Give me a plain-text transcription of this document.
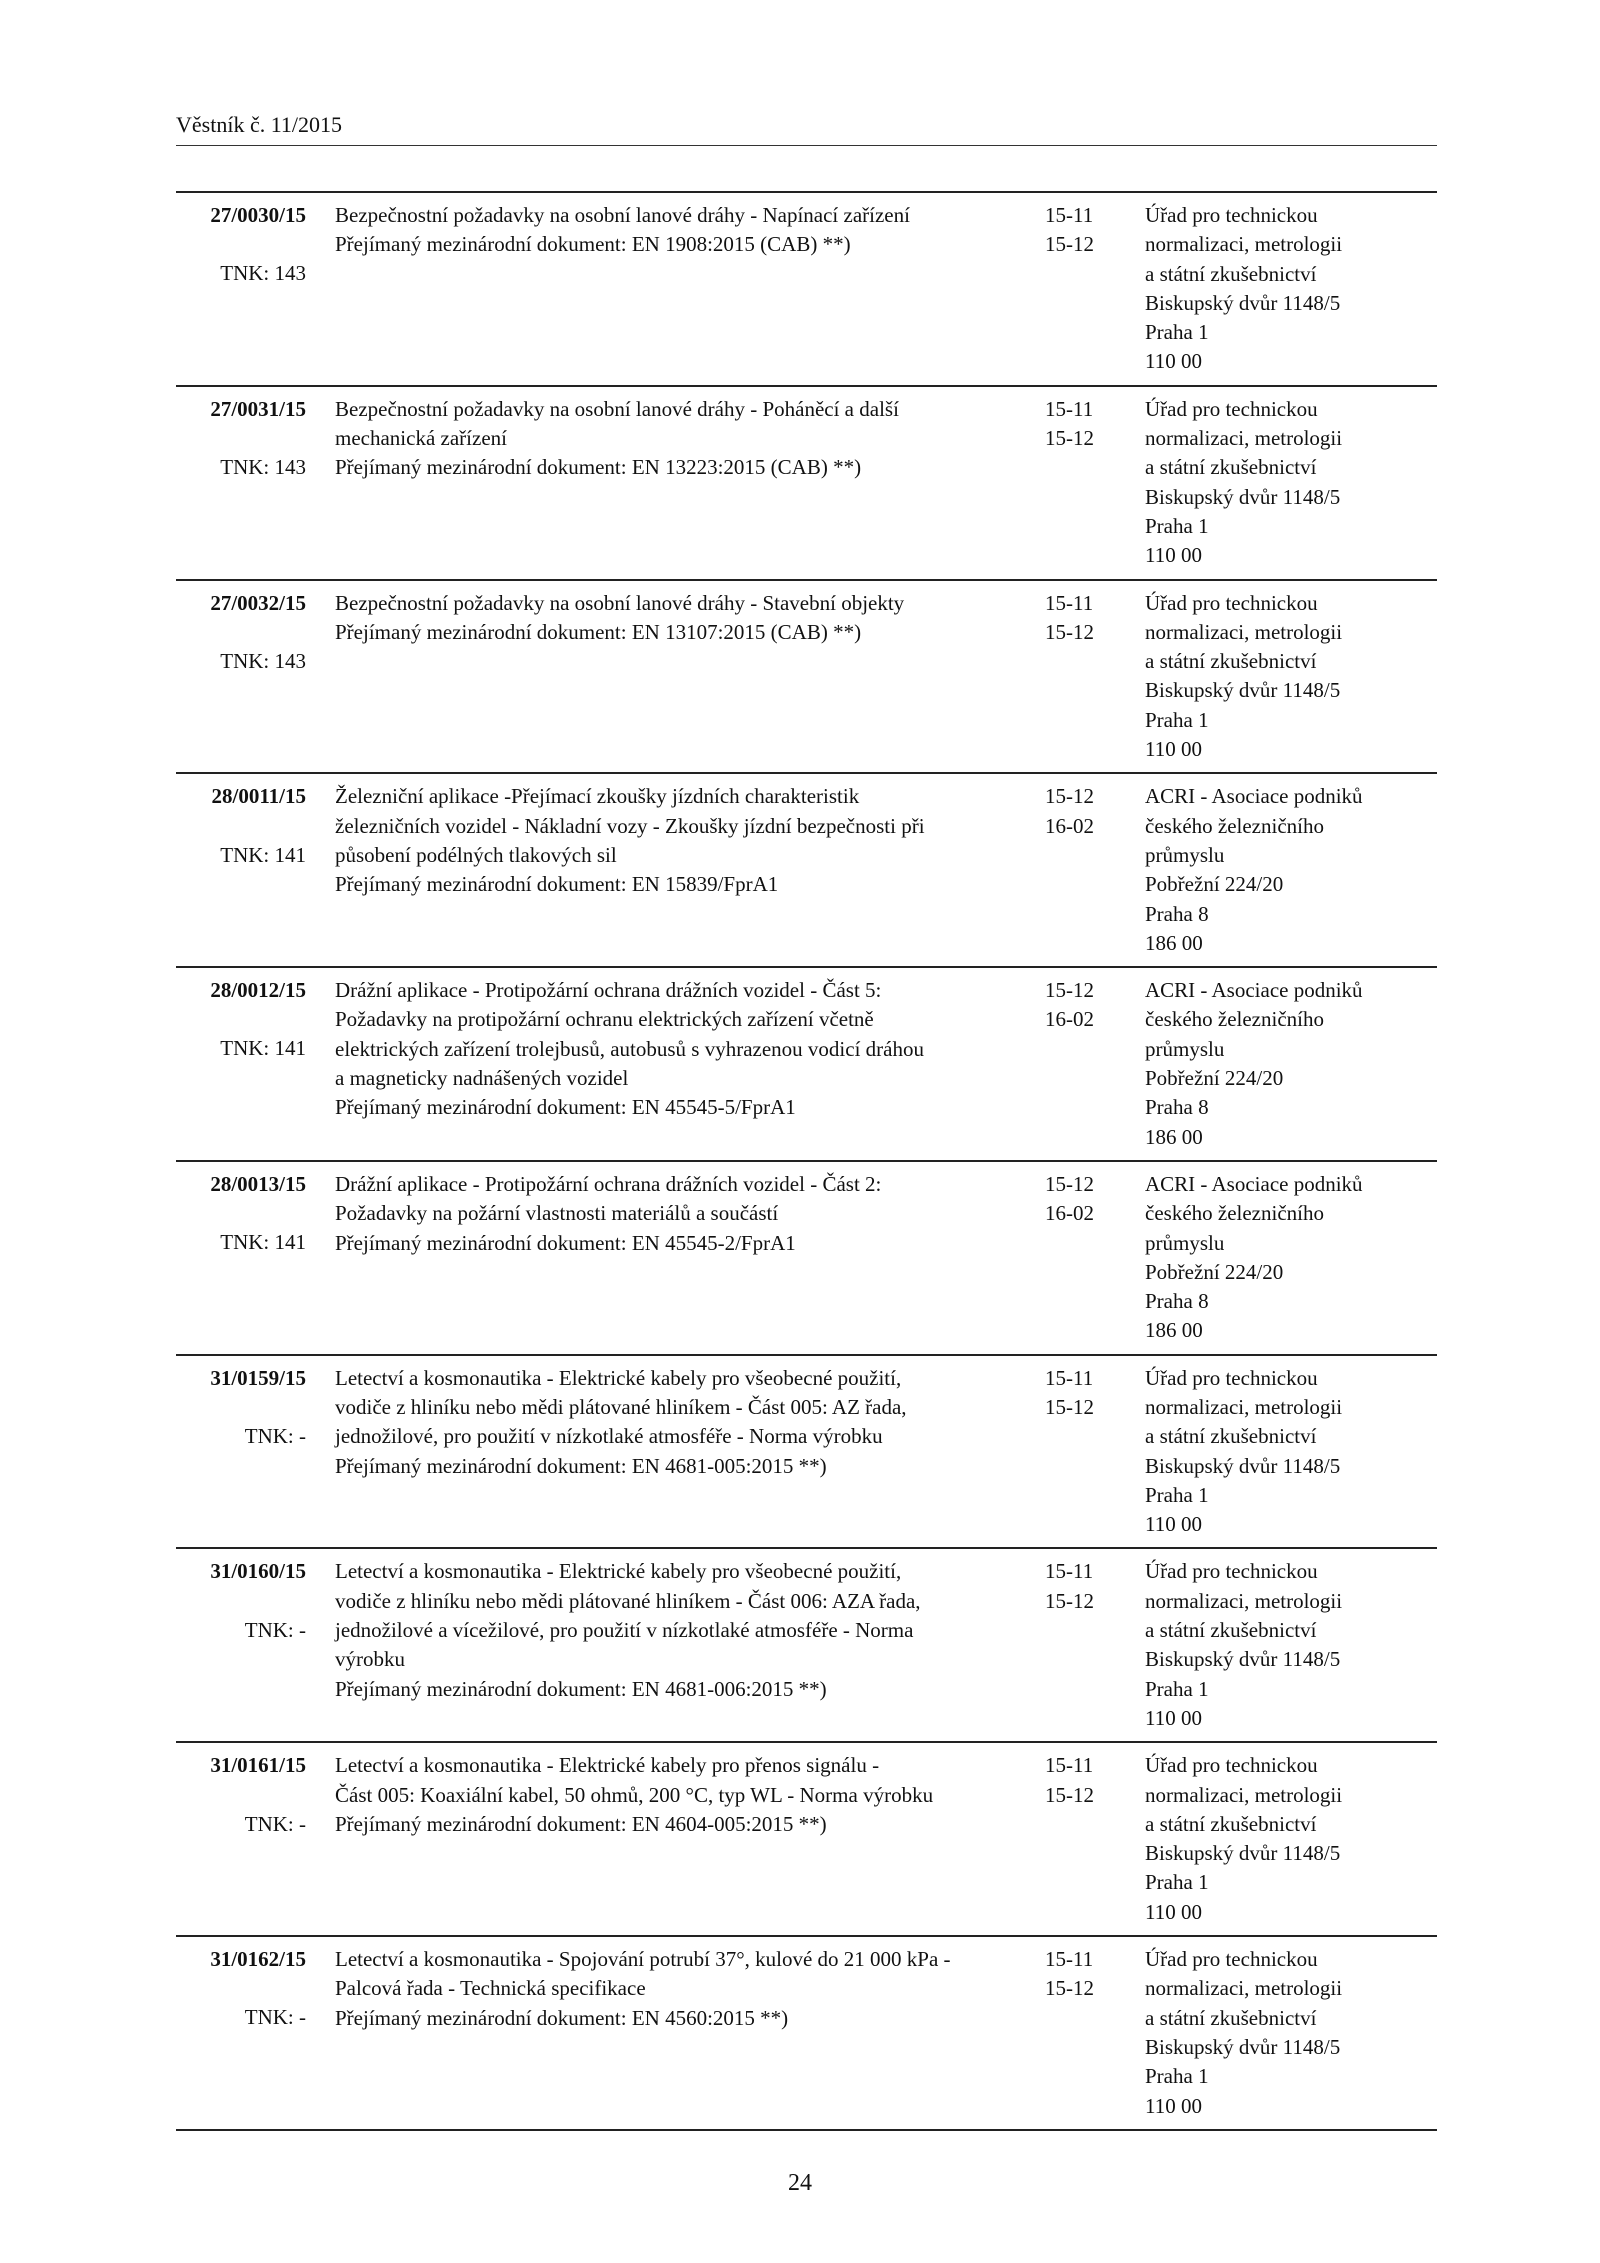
Věstník č. 11/2015
27/0030/15
TNK: 143
Bezpečnostní požadavky na osobní lanové dráhy - Napínací zařízení
Přejímaný mezinárodní dokument: EN 1908:2015 (CAB) **)
15-11
15-12
Úřad pro technickou
normalizaci, metrologii
a státní zkušebnictví
Biskupský dvůr 1148/5
Praha 1
110 00
27/0031/15
TNK: 143
Bezpečnostní požadavky na osobní lanové dráhy - Poháněcí a další
mechanická zařízení
Přejímaný mezinárodní dokument: EN 13223:2015 (CAB) **)
15-11
15-12
Úřad pro technickou
normalizaci, metrologii
a státní zkušebnictví
Biskupský dvůr 1148/5
Praha 1
110 00
27/0032/15
TNK: 143
Bezpečnostní požadavky na osobní lanové dráhy - Stavební objekty
Přejímaný mezinárodní dokument: EN 13107:2015 (CAB) **)
15-11
15-12
Úřad pro technickou
normalizaci, metrologii
a státní zkušebnictví
Biskupský dvůr 1148/5
Praha 1
110 00
28/0011/15
TNK: 141
Železniční aplikace -Přejímací zkoušky jízdních charakteristik
železničních vozidel - Nákladní vozy - Zkoušky jízdní bezpečnosti při
působení podélných tlakových sil
Přejímaný mezinárodní dokument: EN 15839/FprA1
15-12
16-02
ACRI - Asociace podniků
českého železničního
průmyslu
Pobřežní 224/20
Praha 8
186 00
28/0012/15
TNK: 141
Drážní aplikace - Protipožární ochrana drážních vozidel - Část 5:
Požadavky na protipožární ochranu elektrických zařízení včetně
elektrických zařízení trolejbusů, autobusů s vyhrazenou vodicí dráhou
a magneticky nadnášených vozidel
Přejímaný mezinárodní dokument: EN 45545-5/FprA1
15-12
16-02
ACRI - Asociace podniků
českého železničního
průmyslu
Pobřežní 224/20
Praha 8
186 00
28/0013/15
TNK: 141
Drážní aplikace - Protipožární ochrana drážních vozidel - Část 2:
Požadavky na požární vlastnosti materiálů a součástí
Přejímaný mezinárodní dokument: EN 45545-2/FprA1
15-12
16-02
ACRI - Asociace podniků
českého železničního
průmyslu
Pobřežní 224/20
Praha 8
186 00
31/0159/15
TNK: -
Letectví a kosmonautika - Elektrické kabely pro všeobecné použití,
vodiče z hliníku nebo mědi plátované hliníkem - Část 005: AZ řada,
jednožilové, pro použití v nízkotlaké atmosféře - Norma výrobku
Přejímaný mezinárodní dokument: EN 4681-005:2015 **)
15-11
15-12
Úřad pro technickou
normalizaci, metrologii
a státní zkušebnictví
Biskupský dvůr 1148/5
Praha 1
110 00
31/0160/15
TNK: -
Letectví a kosmonautika - Elektrické kabely pro všeobecné použití,
vodiče z hliníku nebo mědi plátované hliníkem - Část 006: AZA řada,
jednožilové a vícežilové, pro použití v nízkotlaké atmosféře - Norma
výrobku
Přejímaný mezinárodní dokument: EN 4681-006:2015 **)
15-11
15-12
Úřad pro technickou
normalizaci, metrologii
a státní zkušebnictví
Biskupský dvůr 1148/5
Praha 1
110 00
31/0161/15
TNK: -
Letectví a kosmonautika - Elektrické kabely pro přenos signálu -
Část 005: Koaxiální kabel, 50 ohmů, 200 °C, typ WL - Norma výrobku
Přejímaný mezinárodní dokument: EN 4604-005:2015 **)
15-11
15-12
Úřad pro technickou
normalizaci, metrologii
a státní zkušebnictví
Biskupský dvůr 1148/5
Praha 1
110 00
31/0162/15
TNK: -
Letectví a kosmonautika - Spojování potrubí 37°, kulové do 21 000 kPa -
Palcová řada - Technická specifikace
Přejímaný mezinárodní dokument: EN 4560:2015 **)
15-11
15-12
Úřad pro technickou
normalizaci, metrologii
a státní zkušebnictví
Biskupský dvůr 1148/5
Praha 1
110 00
24
